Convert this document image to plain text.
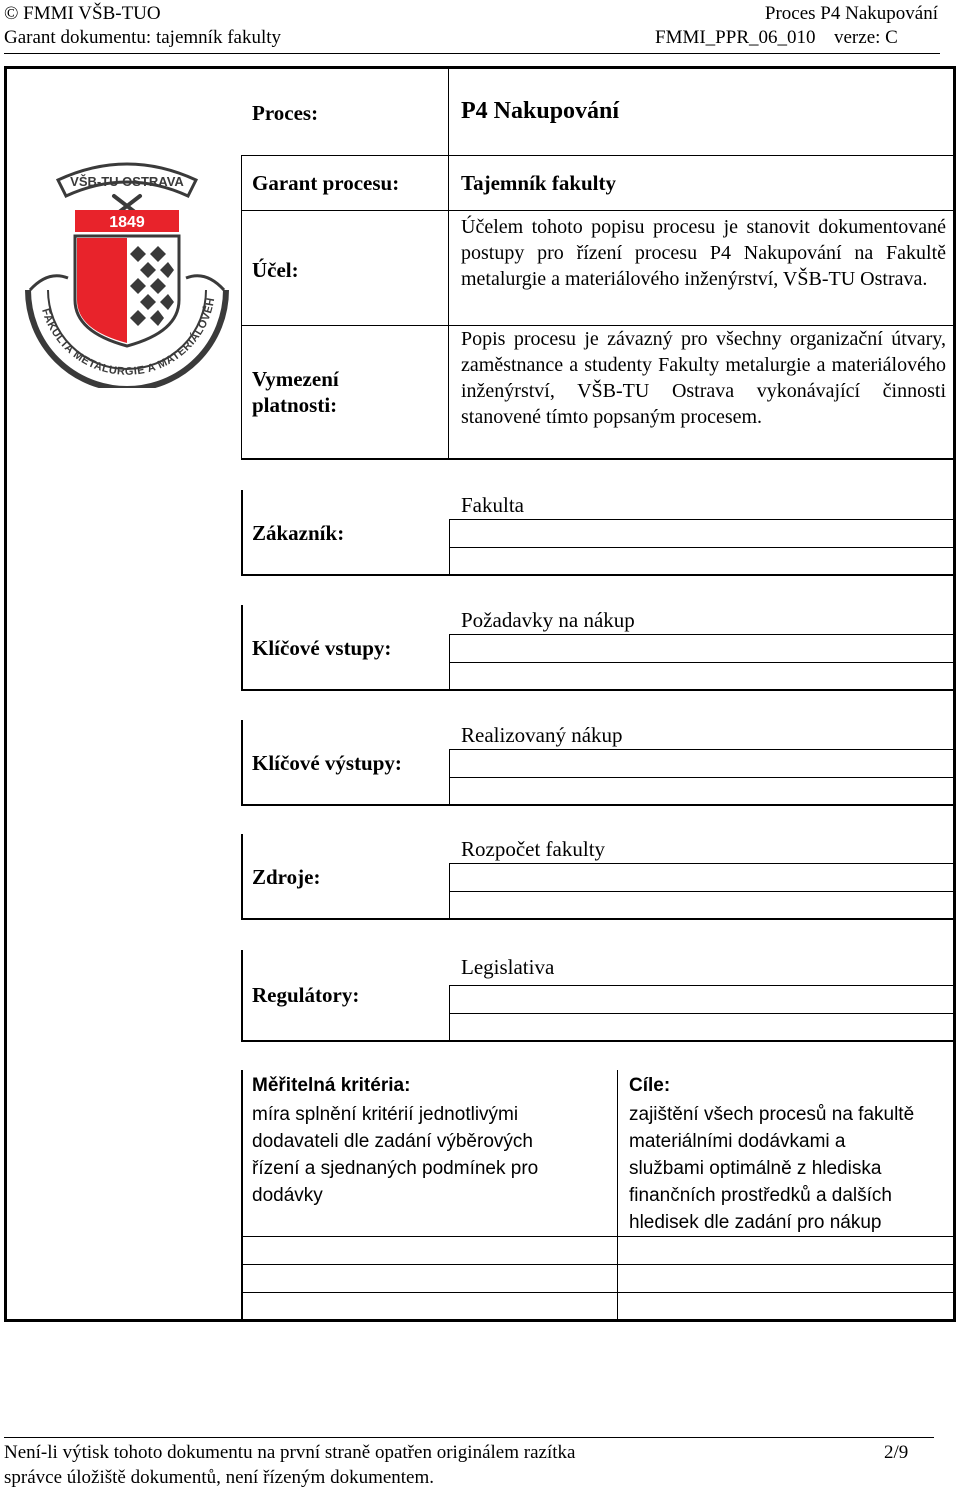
© FMMI VŠB-TUO	Proces P4 Nakupování
Garant dokumentu: tajemník fakulty	FMMI_PPR_06_010 verze: C
FAKULTA METALURGIE A MATERIÁLOVÉH
VŠB-TU OSTRAVA
1849
Proces:	P4 Nakupování
Garant procesu:	Tajemník fakulty
Účel:
Účelem tohoto popisu procesu je stanovit dokumentované postupy pro řízení procesu P4 Nakupování na Fakultě metalurgie a materiálového inženýrství, VŠB-TU Ostrava.
Vymezení
platnosti:
Popis procesu je závazný pro všechny organizační útvary, zaměstnance a studenty Fakulty metalurgie a materiálového inženýrství, VŠB-TU Ostrava vykonávající činnosti stanovené tímto popsaným procesem.
Zákazník:
Fakulta
Klíčové vstupy:
Požadavky na nákup
Klíčové výstupy:
Realizovaný nákup
Zdroje:
Rozpočet fakulty
Regulátory:
Legislativa
Měřitelná kritéria:
míra splnění kritérií jednotlivými
dodavateli dle zadání výběrových
řízení a sjednaných podmínek pro
dodávky
Cíle:
zajištění všech procesů na fakultě
materiálními dodávkami a
službami optimálně z hlediska
finančních prostředků a dalších
hledisek dle zadání pro nákup
Není-li výtisk tohoto dokumentu na první straně opatřen originálem razítka
správce úložiště dokumentů, není řízeným dokumentem.
2/9
